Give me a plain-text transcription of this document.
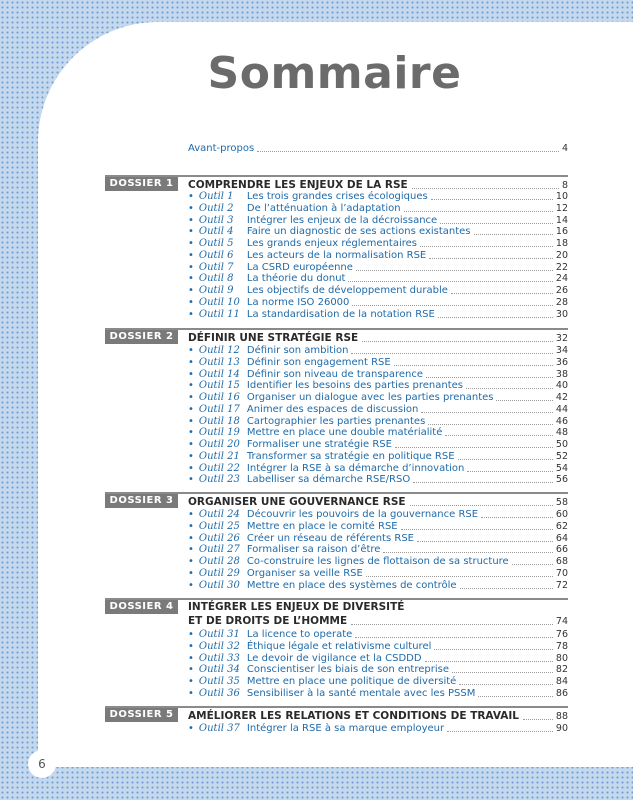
Sommaire
Avant-propos	4
DOSSIER 1	COMPRENDRE LES ENJEUX DE LA RSE	8
• Outil 1	Les trois grandes crises écologiques	10
• Outil 2	De l’atténuation à l’adaptation	12
• Outil 3	Intégrer les enjeux de la décroissance	14
• Outil 4	Faire un diagnostic de ses actions existantes	16
• Outil 5	Les grands enjeux réglementaires	18
• Outil 6	Les acteurs de la normalisation RSE	20
• Outil 7	La CSRD européenne	22
• Outil 8	La théorie du donut	24
• Outil 9	Les objectifs de développement durable	26
• Outil 10 La norme ISO 26000	28
• Outil 11 La standardisation de la notation RSE	30
DOSSIER 2	DÉFINIR UNE STRATÉGIE RSE	32
• Outil 12 Définir son ambition	34
• Outil 13 Définir son engagement RSE	36
• Outil 14 Définir son niveau de transparence	38
• Outil 15 Identifier les besoins des parties prenantes	40
• Outil 16 Organiser un dialogue avec les parties prenantes	42
• Outil 17 Animer des espaces de discussion	44
• Outil 18 Cartographier les parties prenantes	46
• Outil 19 Mettre en place une double matérialité	48
• Outil 20 Formaliser une stratégie RSE	50
• Outil 21 Transformer sa stratégie en politique RSE	52
• Outil 22 Intégrer la RSE à sa démarche d’innovation	54
• Outil 23 Labelliser sa démarche RSE/RSO	56
DOSSIER 3	ORGANISER UNE GOUVERNANCE RSE	58
• Outil 24 Découvrir les pouvoirs de la gouvernance RSE	60
• Outil 25 Mettre en place le comité RSE	62
• Outil 26 Créer un réseau de référents RSE	64
• Outil 27 Formaliser sa raison d’être	66
• Outil 28 Co-construire les lignes de flottaison de sa structure	68
• Outil 29 Organiser sa veille RSE	70
• Outil 30 Mettre en place des systèmes de contrôle	72
DOSSIER 4	INTÉGRER LES ENJEUX DE DIVERSITÉ
ET DE DROITS DE L’HOMME	74
• Outil 31 La licence to operate	76
• Outil 32 Éthique légale et relativisme culturel	78
• Outil 33 Le devoir de vigilance et la CSDDD	80
• Outil 34 Conscientiser les biais de son entreprise	82
• Outil 35 Mettre en place une politique de diversité	84
• Outil 36 Sensibiliser à la santé mentale avec les PSSM	86
DOSSIER 5	AMÉLIORER LES RELATIONS ET CONDITIONS DE TRAVAIL	88
• Outil 37 Intégrer la RSE à sa marque employeur	90
6
